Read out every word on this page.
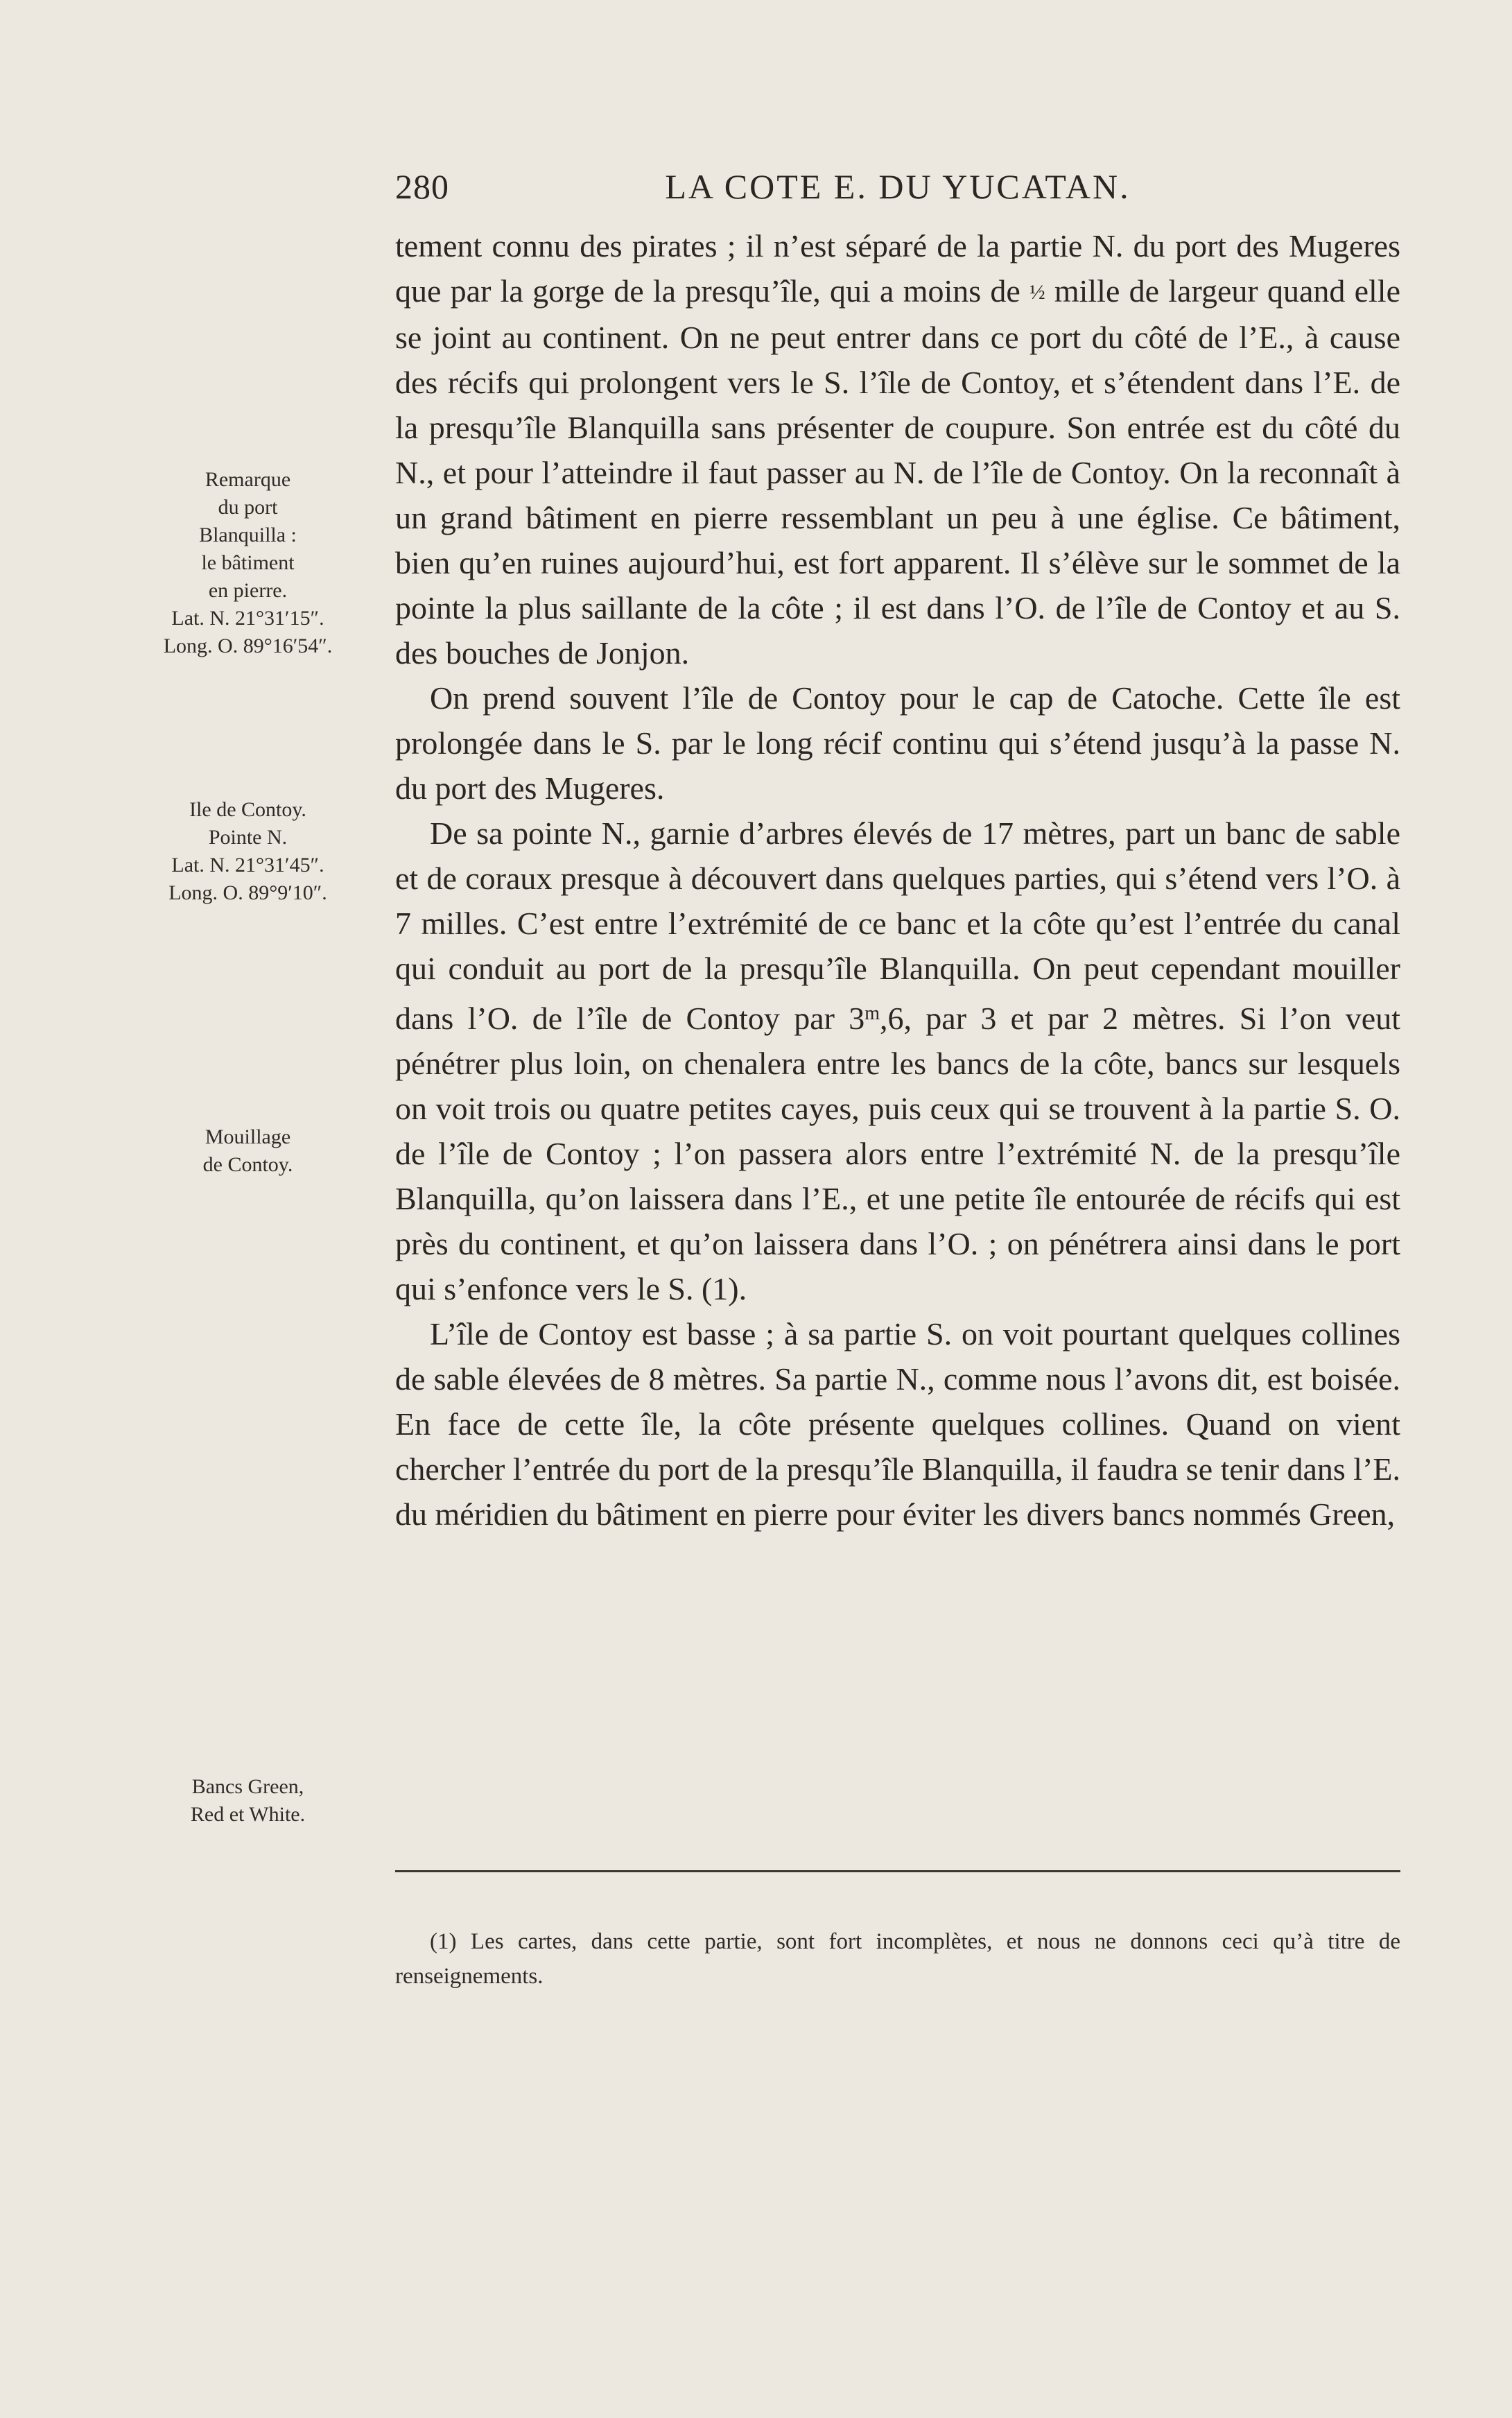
280	LA COTE E. DU YUCATAN.
Remarque
du port
Blanquilla :
le bâtiment
en pierre.
Lat. N. 21°31′15″.
Long. O. 89°16′54″.
Ile de Contoy.
Pointe N.
Lat. N. 21°31′45″.
Long. O. 89°9′10″.
Mouillage
de Contoy.
Bancs Green,
Red et White.

tement connu des pirates ; il n’est séparé de la partie N. du port des Mugeres que par la gorge de la presqu’île, qui a moins de ½ mille de largeur quand elle se joint au continent. On ne peut entrer dans ce port du côté de l’E., à cause des récifs qui prolongent vers le S. l’île de Contoy, et s’étendent dans l’E. de la presqu’île Blanquilla sans présenter de coupure. Son entrée est du côté du N., et pour l’atteindre il faut passer au N. de l’île de Contoy. On la reconnaît à un grand bâtiment en pierre ressemblant un peu à une église. Ce bâtiment, bien qu’en ruines aujourd’hui, est fort apparent. Il s’élève sur le sommet de la pointe la plus saillante de la côte ; il est dans l’O. de l’île de Contoy et au S. des bouches de Jonjon.

On prend souvent l’île de Contoy pour le cap de Catoche. Cette île est prolongée dans le S. par le long récif continu qui s’étend jusqu’à la passe N. du port des Mugeres.

De sa pointe N., garnie d’arbres élevés de 17 mètres, part un banc de sable et de coraux presque à découvert dans quelques parties, qui s’étend vers l’O. à 7 milles. C’est entre l’extrémité de ce banc et la côte qu’est l’entrée du canal qui conduit au port de la presqu’île Blanquilla. On peut cependant mouiller dans l’O. de l’île de Contoy par 3$^m$,6, par 3 et par 2 mètres. Si l’on veut pénétrer plus loin, on chenalera entre les bancs de la côte, bancs sur lesquels on voit trois ou quatre petites cayes, puis ceux qui se trouvent à la partie S. O. de l’île de Contoy ; l’on passera alors entre l’extrémité N. de la presqu’île Blanquilla, qu’on laissera dans l’E., et une petite île entourée de récifs qui est près du continent, et qu’on laissera dans l’O. ; on pénétrera ainsi dans le port qui s’enfonce vers le S. (1).

L’île de Contoy est basse ; à sa partie S. on voit pourtant quelques collines de sable élevées de 8 mètres. Sa partie N., comme nous l’avons dit, est boisée. En face de cette île, la côte présente quelques collines. Quand on vient chercher l’entrée du port de la presqu’île Blanquilla, il faudra se tenir dans l’E. du méridien du bâtiment en pierre pour éviter les divers bancs nommés Green,

(1) Les cartes, dans cette partie, sont fort incomplètes, et nous ne donnons ceci qu’à titre de renseignements.
